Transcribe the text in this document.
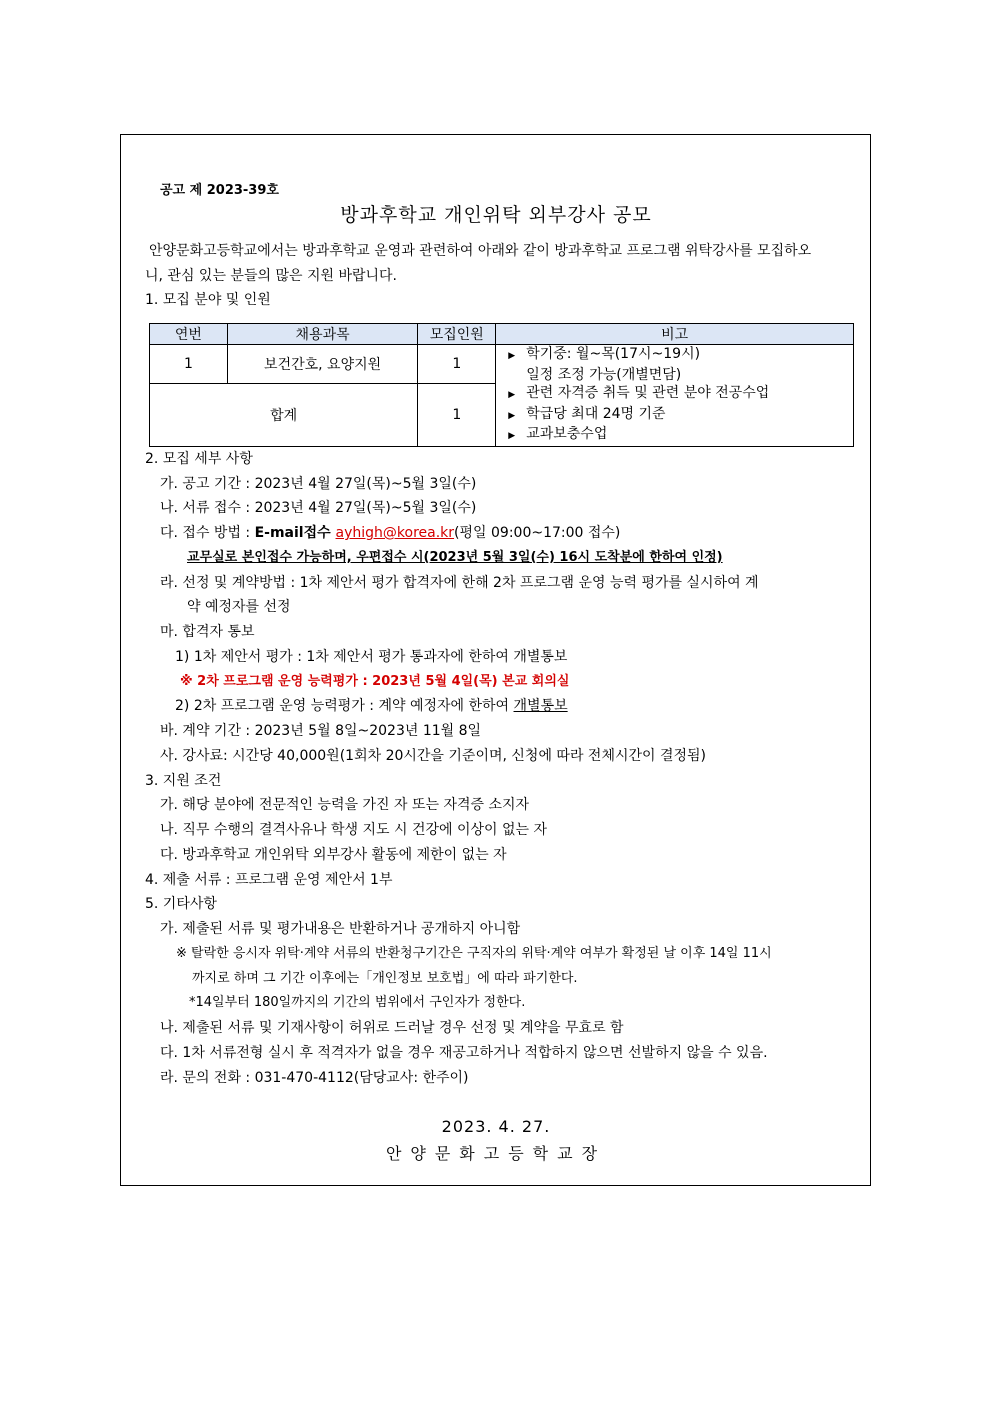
공고 제 2023-39호
방과후학교 개인위탁 외부강사 공모
안양문화고등학교에서는 방과후학교 운영과 관련하여 아래와 같이 방과후학교 프로그램 위탁강사를 모집하오
니, 관심 있는 분들의 많은 지원 바랍니다.
1. 모집 분야 및 인원
연번	채용과목	모집인원	비고
1	보건간호, 요양지원	1	▶ 학기중: 월~목(17시~19시)
일정 조정 가능(개별면담)
▶ 관련 자격증 취득 및 관련 분야 전공수업
▶ 학급당 최대 24명 기준
▶ 교과보충수업

합계		1	
2. 모집 세부 사항
가. 공고 기간 : 2023년 4월 27일(목)~5월 3일(수)
나. 서류 접수 : 2023년 4월 27일(목)~5월 3일(수)
다. 접수 방법 : E-mail접수 ayhigh@korea.kr(평일 09:00~17:00 접수)
교무실로 본인접수 가능하며, 우편접수 시(2023년 5월 3일(수) 16시 도착분에 한하여 인정)
라. 선정 및 계약방법 : 1차 제안서 평가 합격자에 한해 2차 프로그램 운영 능력 평가를 실시하여 계
약 예정자를 선정
마. 합격자 통보
1) 1차 제안서 평가 : 1차 제안서 평가 통과자에 한하여 개별통보
※ 2차 프로그램 운영 능력평가 : 2023년 5월 4일(목) 본교 회의실
2) 2차 프로그램 운영 능력평가 : 계약 예정자에 한하여 개별통보
바. 계약 기간 : 2023년 5월 8일~2023년 11월 8일
사. 강사료: 시간당 40,000원(1회차 20시간을 기준이며, 신청에 따라 전체시간이 결정됨)
3. 지원 조건
가. 해당 분야에 전문적인 능력을 가진 자 또는 자격증 소지자
나. 직무 수행의 결격사유나 학생 지도 시 건강에 이상이 없는 자
다. 방과후학교 개인위탁 외부강사 활동에 제한이 없는 자
4. 제출 서류 : 프로그램 운영 제안서 1부
5. 기타사항
가. 제출된 서류 및 평가내용은 반환하거나 공개하지 아니함
※ 탈락한 응시자 위탁·계약 서류의 반환청구기간은 구직자의 위탁·계약 여부가 확정된 날 이후 14일 11시
까지로 하며 그 기간 이후에는「개인정보 보호법」에 따라 파기한다.
*14일부터 180일까지의 기간의 범위에서 구인자가 정한다.
나. 제출된 서류 및 기재사항이 허위로 드러날 경우 선정 및 계약을 무효로 함
다. 1차 서류전형 실시 후 적격자가 없을 경우 재공고하거나 적합하지 않으면 선발하지 않을 수 있음.
라. 문의 전화 : 031-470-4112(담당교사: 한주이)
2023. 4. 27.
안양문화고등학교장
